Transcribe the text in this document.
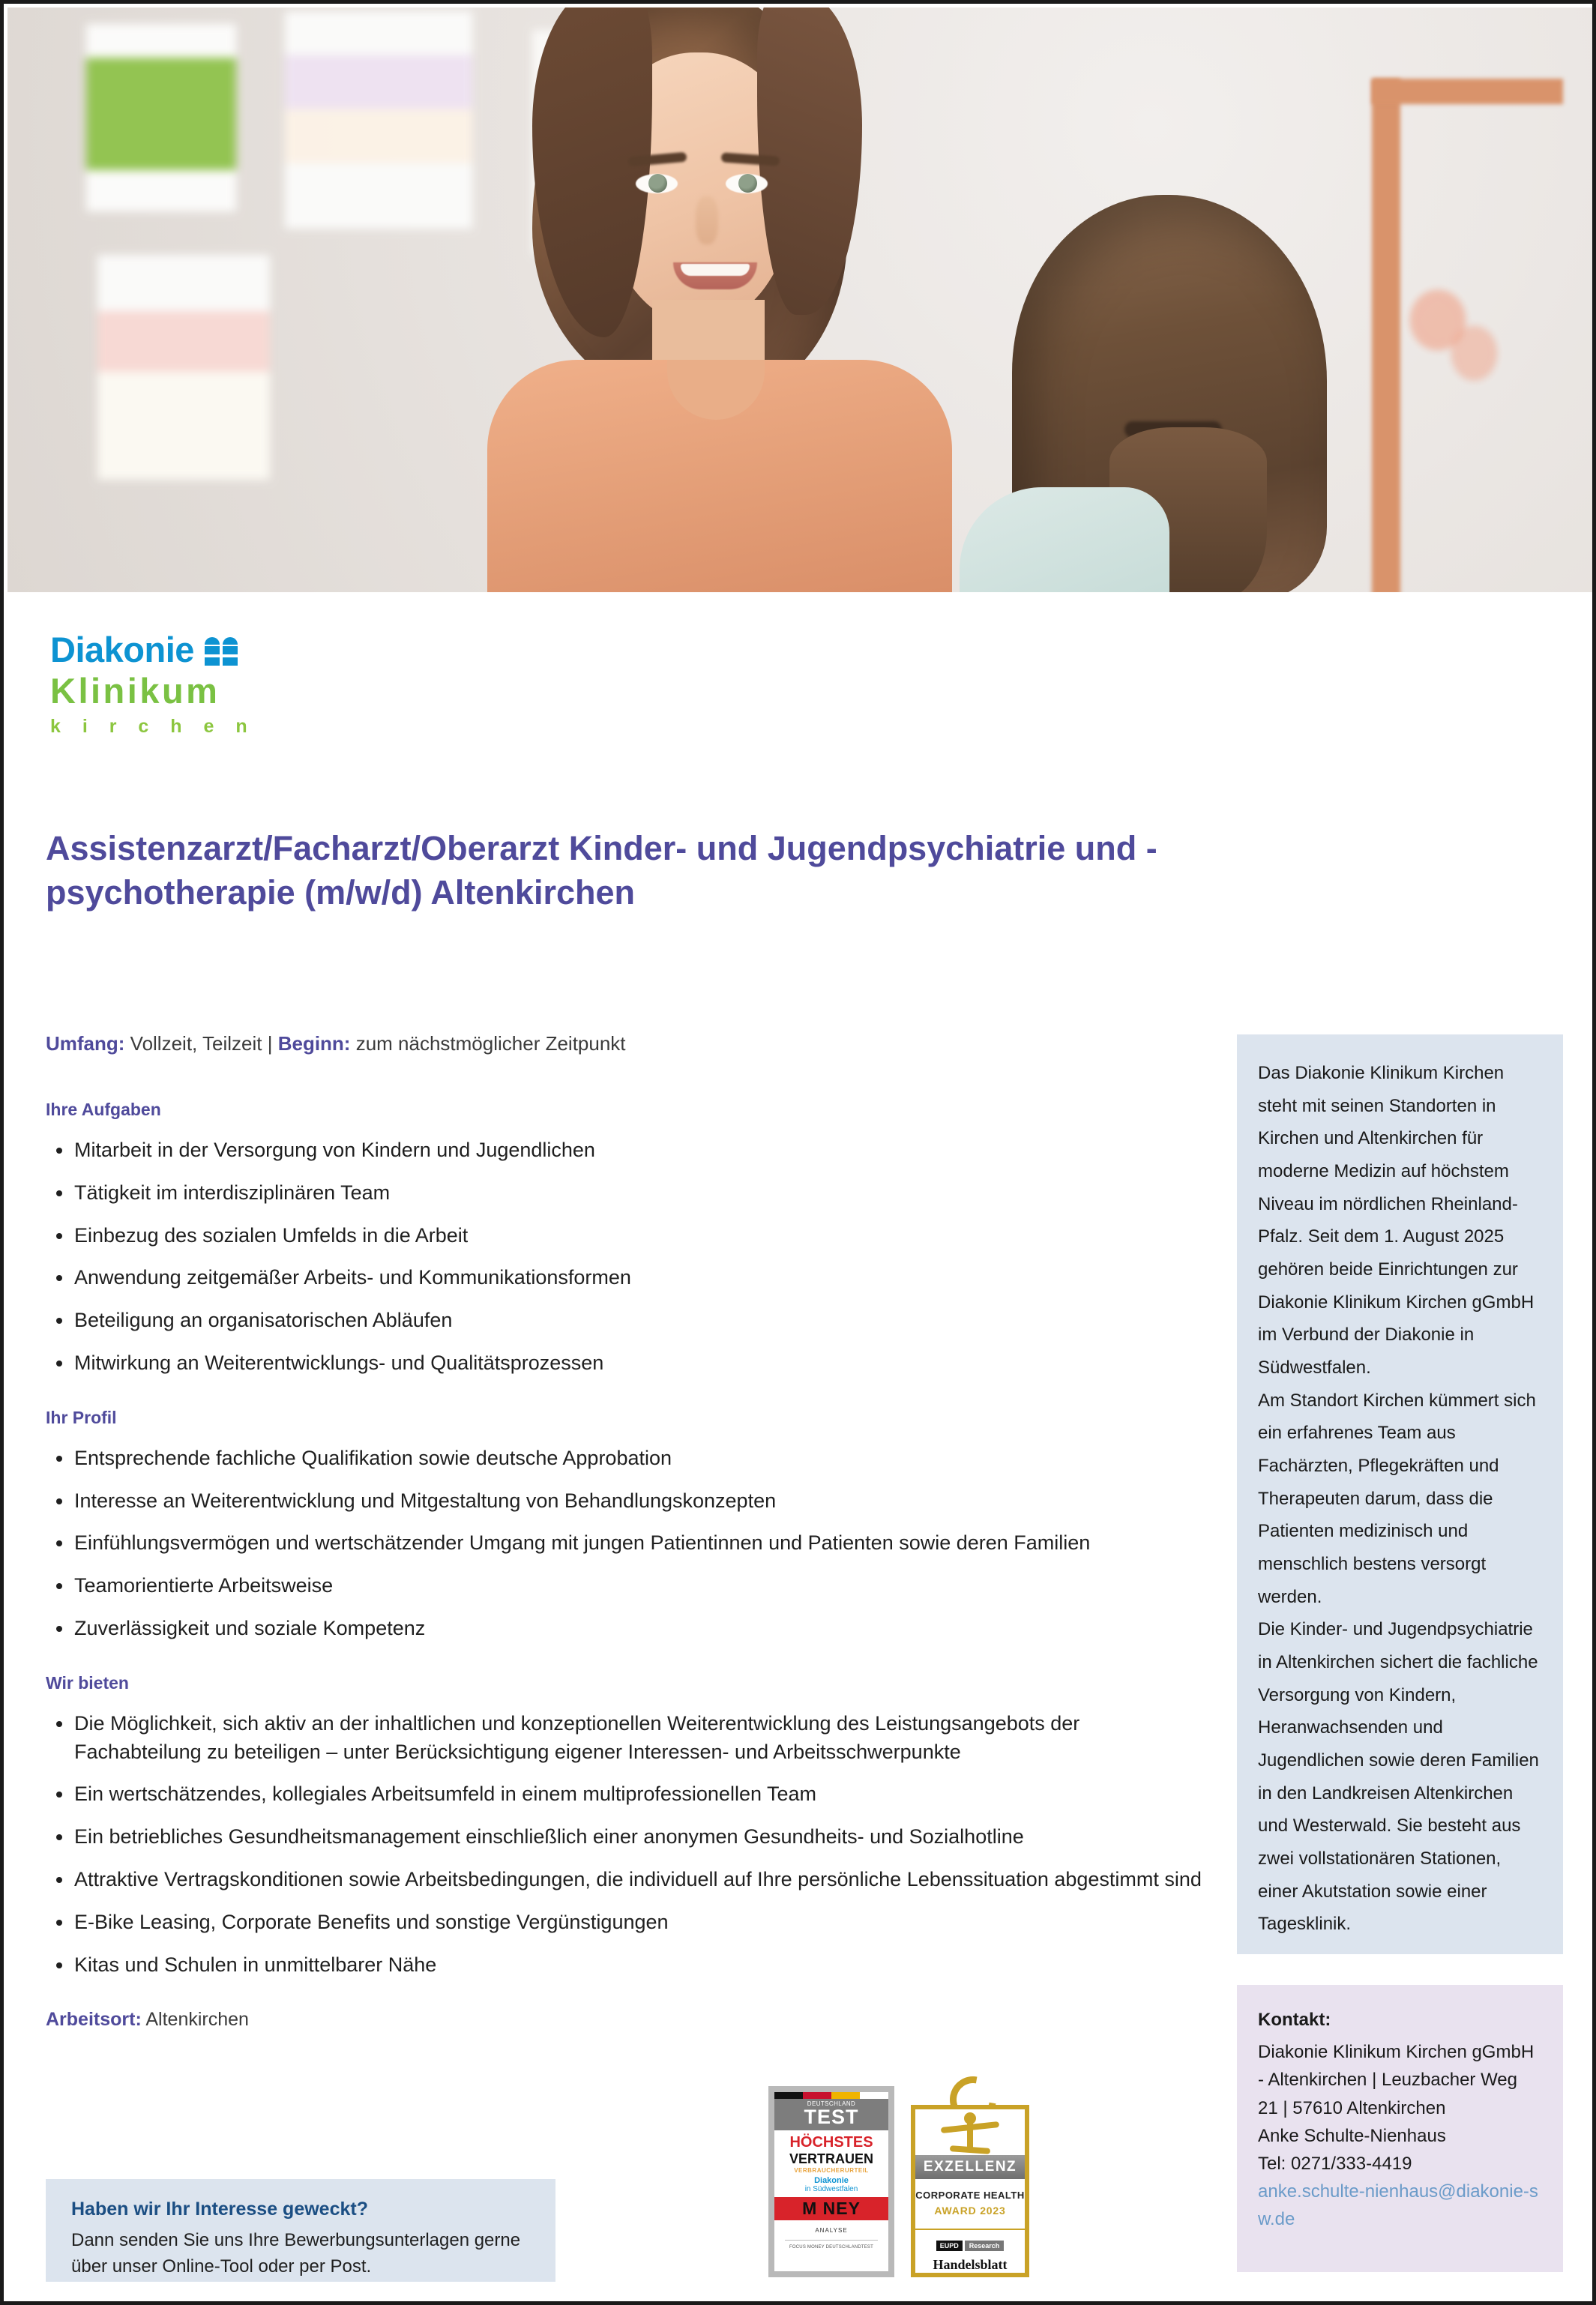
Diakonie
Klinikum
k i r c h e n
Assistenzarzt/Facharzt/Oberarzt Kinder- und Jugendpsychiatrie und -psychotherapie (m/w/d) Altenkirchen
Umfang: Vollzeit, Teilzeit | Beginn: zum nächstmöglicher Zeitpunkt
Ihre Aufgaben
Mitarbeit in der Versorgung von Kindern und Jugendlichen
Tätigkeit im interdisziplinären Team
Einbezug des sozialen Umfelds in die Arbeit
Anwendung zeitgemäßer Arbeits- und Kommunikationsformen
Beteiligung an organisatorischen Abläufen
Mitwirkung an Weiterentwicklungs- und Qualitätsprozessen
Ihr Profil
Entsprechende fachliche Qualifikation sowie deutsche Approbation
Interesse an Weiterentwicklung und Mitgestaltung von Behandlungskonzepten
Einfühlungsvermögen und wertschätzender Umgang mit jungen Patientinnen und Patienten sowie deren Familien
Teamorientierte Arbeitsweise
Zuverlässigkeit und soziale Kompetenz
Wir bieten
Die Möglichkeit, sich aktiv an der inhaltlichen und konzeptionellen Weiterentwicklung des Leistungsangebots der Fachabteilung zu beteiligen – unter Berücksichtigung eigener Interessen- und Arbeitsschwerpunkte
Ein wertschätzendes, kollegiales Arbeitsumfeld in einem multiprofessionellen Team
Ein betriebliches Gesundheitsmanagement einschließlich einer anonymen Gesundheits- und Sozialhotline
Attraktive Vertragskonditionen sowie Arbeitsbedingungen, die individuell auf Ihre persönliche Lebenssituation abgestimmt sind
E-Bike Leasing, Corporate Benefits und sonstige Vergünstigungen
Kitas und Schulen in unmittelbarer Nähe
Arbeitsort: Altenkirchen
Haben wir Ihr Interesse geweckt?
Dann senden Sie uns Ihre Bewerbungsunterlagen gerne über unser Online-Tool oder per Post.
DEUTSCHLAND
TEST
HÖCHSTES
VERTRAUEN
VERBRAUCHERURTEIL
Diakonie
in Südwestfalen
M NEY
ANALYSE
FOCUS MONEY DEUTSCHLANDTEST
EXZELLENZ
CORPORATE HEALTH
AWARD 2023
EUPD	Research
Handelsblatt
Das Diakonie Klinikum Kirchen steht mit seinen Standorten in Kirchen und Altenkirchen für moderne Medizin auf höchstem Niveau im nördlichen Rheinland-Pfalz. Seit dem 1. August 2025 gehören beide Einrichtungen zur Diakonie Klinikum Kirchen gGmbH im Verbund der Diakonie in Südwestfalen.
Am Standort Kirchen kümmert sich ein erfahrenes Team aus Fachärzten, Pflegekräften und Therapeuten darum, dass die Patienten medizinisch und menschlich bestens versorgt werden.
Die Kinder- und Jugendpsychiatrie in Altenkirchen sichert die fachliche Versorgung von Kindern, Heranwachsenden und Jugendlichen sowie deren Familien in den Landkreisen Altenkirchen und Westerwald. Sie besteht aus zwei vollstationären Stationen, einer Akutstation sowie einer Tagesklinik.
Kontakt:
Diakonie Klinikum Kirchen gGmbH - Altenkirchen | Leuzbacher Weg 21 | 57610 Altenkirchen
Anke Schulte-Nienhaus
Tel: 0271/333-4419
anke.schulte-nienhaus@diakonie-sw.de
